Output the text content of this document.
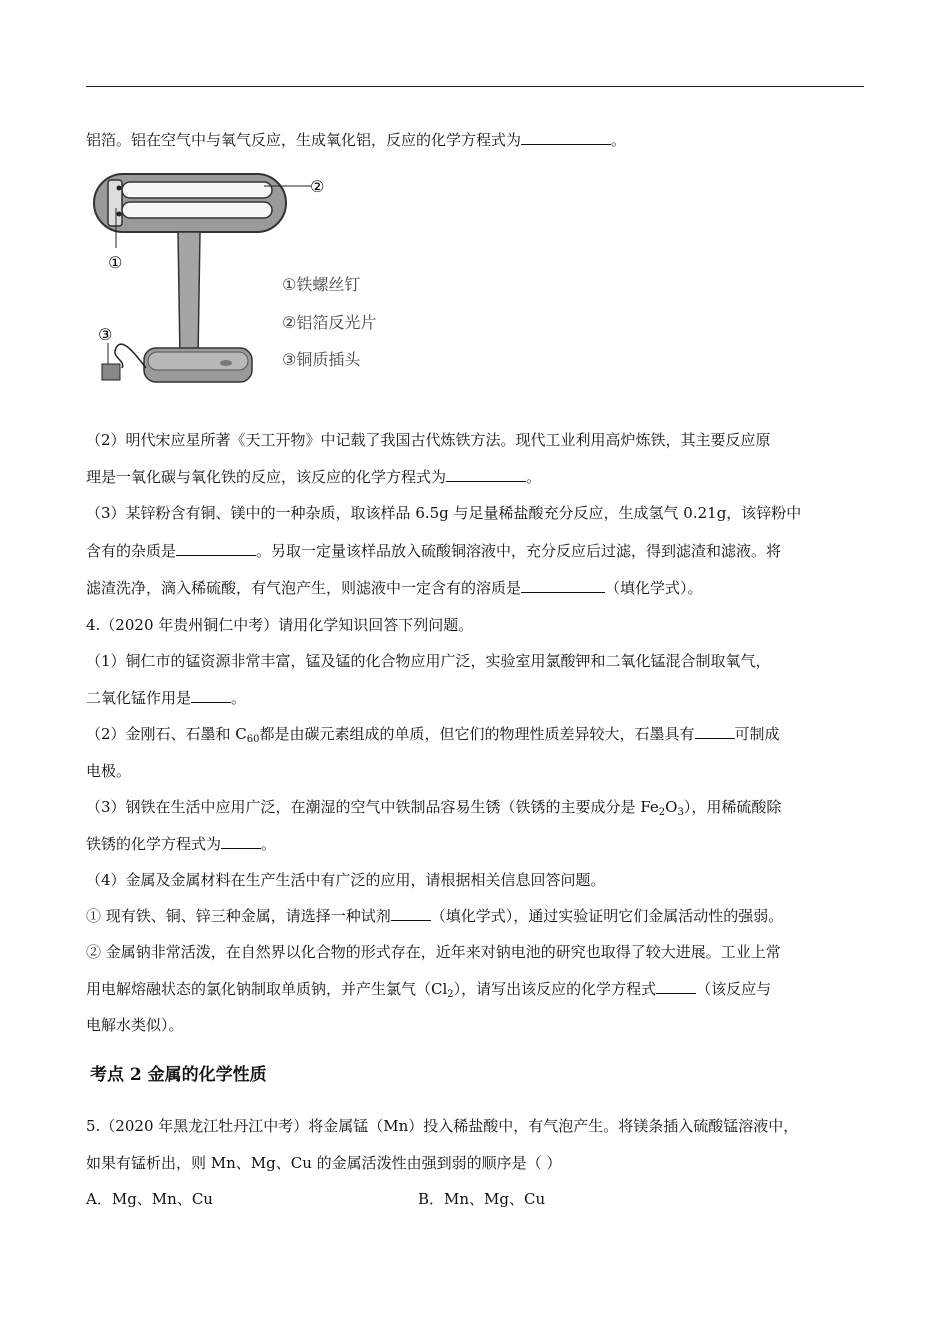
铝箔。铝在空气中与氧气反应，生成氧化铝，反应的化学方程式为	。
②
①
③
①铁螺丝钉
②铝箔反光片
③铜质插头
（2）明代宋应星所著《天工开物》中记载了我国古代炼铁方法。现代工业利用高炉炼铁，其主要反应原
理是一氧化碳与氧化铁的反应，该反应的化学方程式为	。
（3）某锌粉含有铜、镁中的一种杂质，取该样品 6.5g 与足量稀盐酸充分反应，生成氢气 0.21g，该锌粉中
含有的杂质是	。另取一定量该样品放入硫酸铜溶液中，充分反应后过滤，得到滤渣和滤液。将
滤渣洗净，滴入稀硫酸，有气泡产生，则滤液中一定含有的溶质是	（填化学式）。
4.（2020 年贵州铜仁中考）请用化学知识回答下列问题。
（1）铜仁市的锰资源非常丰富，锰及锰的化合物应用广泛，实验室用氯酸钾和二氧化锰混合制取氧气，
二氧化锰作用是	。
（2）金刚石、石墨和 $C_{60}$都是由碳元素组成的单质，但它们的物理性质差异较大，石墨具有	可制成
电极。
（3）钢铁在生活中应用广泛，在潮湿的空气中铁制品容易生锈（铁锈的主要成分是 $Fe_2O_3$），用稀硫酸除
铁锈的化学方程式为	。
（4）金属及金属材料在生产生活中有广泛的应用，请根据相关信息回答问题。
① 现有铁、铜、锌三种金属，请选择一种试剂	（填化学式），通过实验证明它们金属活动性的强弱。
② 金属钠非常活泼，在自然界以化合物的形式存在，近年来对钠电池的研究也取得了较大进展。工业上常
用电解熔融状态的氯化钠制取单质钠，并产生氯气$(Cl_2)$，请写出该反应的化学方程式	（该反应与
电解水类似）。
考点 2 金属的化学性质
5.（2020 年黑龙江牡丹江中考）将金属锰（Mn）投入稀盐酸中，有气泡产生。将镁条插入硫酸锰溶液中，
如果有锰析出，则 Mn、Mg、Cu 的金属活泼性由强到弱的顺序是（ ）
A．Mg、Mn、Cu	B．Mn、Mg、Cu
